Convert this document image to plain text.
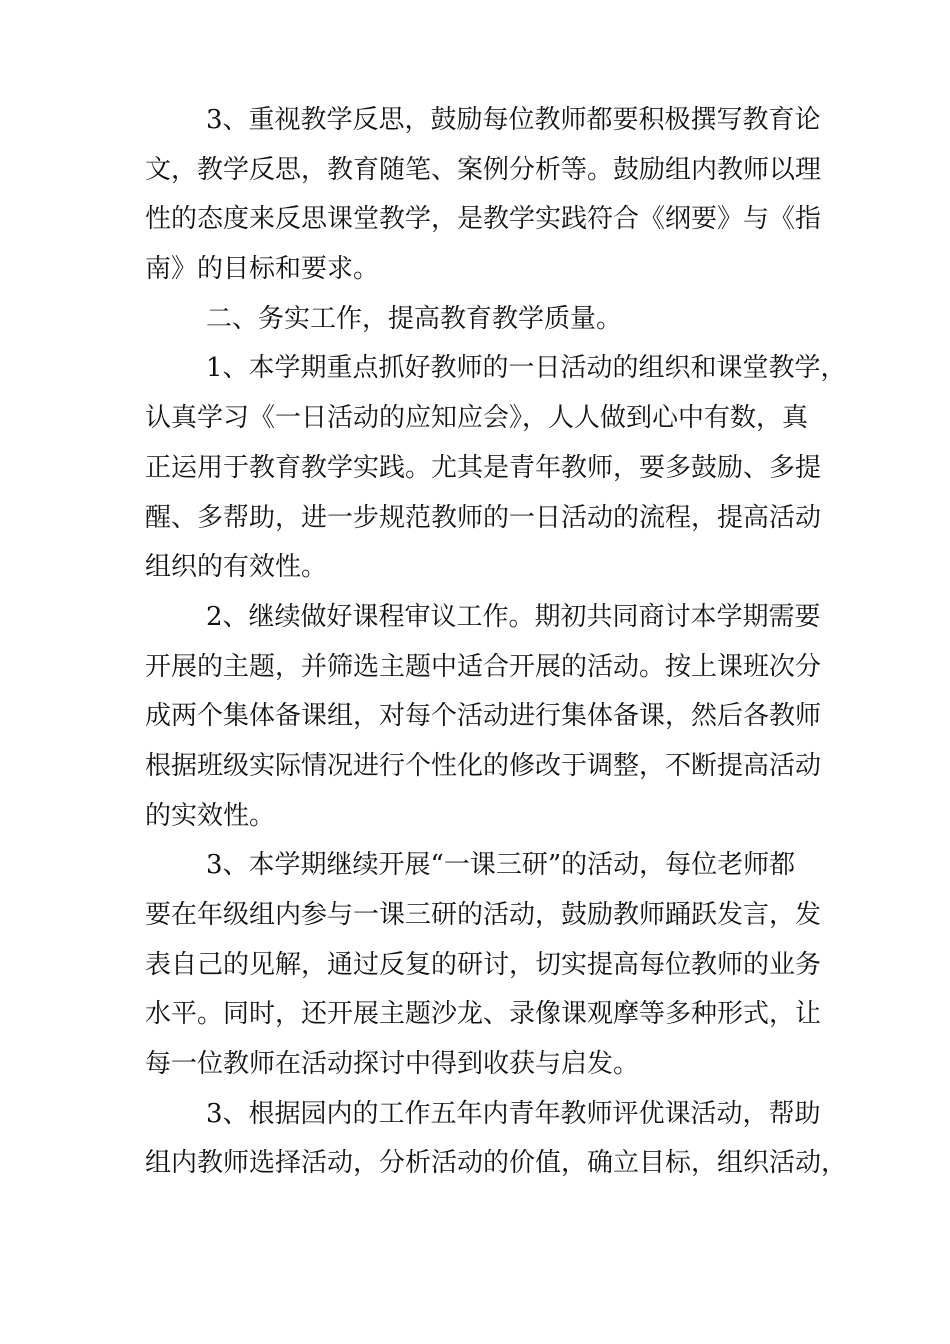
3、重视教学反思，鼓励每位教师都要积极撰写教育论
文，教学反思，教育随笔、案例分析等。鼓励组内教师以理
性的态度来反思课堂教学，是教学实践符合《纲要》与《指
南》的目标和要求。
二、务实工作，提高教育教学质量。
1、本学期重点抓好教师的一日活动的组织和课堂教学，
认真学习《一日活动的应知应会》，人人做到心中有数，真
正运用于教育教学实践。尤其是青年教师，要多鼓励、多提
醒、多帮助，进一步规范教师的一日活动的流程，提高活动
组织的有效性。
2、继续做好课程审议工作。期初共同商讨本学期需要
开展的主题，并筛选主题中适合开展的活动。按上课班次分
成两个集体备课组，对每个活动进行集体备课，然后各教师
根据班级实际情况进行个性化的修改于调整，不断提高活动
的实效性。
3、本学期继续开展“一课三研”的活动，每位老师都
要在年级组内参与一课三研的活动，鼓励教师踊跃发言，发
表自己的见解，通过反复的研讨，切实提高每位教师的业务
水平。同时，还开展主题沙龙、录像课观摩等多种形式，让
每一位教师在活动探讨中得到收获与启发。
3、根据园内的工作五年内青年教师评优课活动，帮助
组内教师选择活动，分析活动的价值，确立目标，组织活动，
